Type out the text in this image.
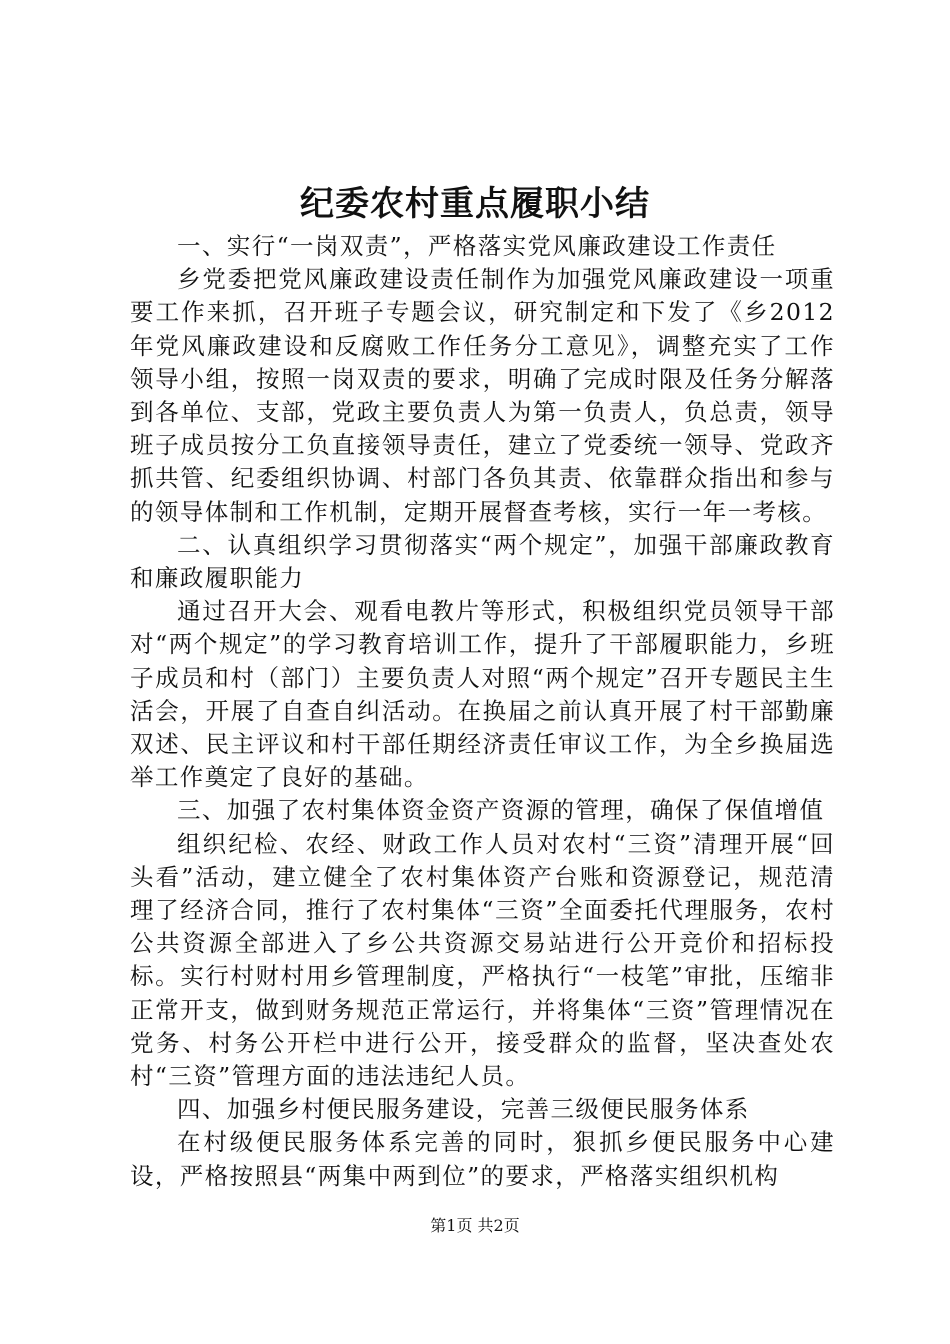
纪委农村重点履职小结

一、实行“一岗双责”，严格落实党风廉政建设工作责任

乡党委把党风廉政建设责任制作为加强党风廉政建设一项重要工作来抓，召开班子专题会议，研究制定和下发了《乡2012年党风廉政建设和反腐败工作任务分工意见》，调整充实了工作领导小组，按照一岗双责的要求，明确了完成时限及任务分解落到各单位、支部，党政主要负责人为第一负责人，负总责，领导班子成员按分工负直接领导责任，建立了党委统一领导、党政齐抓共管、纪委组织协调、村部门各负其责、依靠群众指出和参与的领导体制和工作机制，定期开展督查考核，实行一年一考核。

二、认真组织学习贯彻落实“两个规定”，加强干部廉政教育和廉政履职能力

通过召开大会、观看电教片等形式，积极组织党员领导干部对“两个规定”的学习教育培训工作，提升了干部履职能力，乡班子成员和村（部门）主要负责人对照“两个规定”召开专题民主生活会，开展了自查自纠活动。在换届之前认真开展了村干部勤廉双述、民主评议和村干部任期经济责任审议工作，为全乡换届选举工作奠定了良好的基础。

三、加强了农村集体资金资产资源的管理，确保了保值增值

组织纪检、农经、财政工作人员对农村“三资”清理开展“回头看”活动，建立健全了农村集体资产台账和资源登记，规范清理了经济合同，推行了农村集体“三资”全面委托代理服务，农村公共资源全部进入了乡公共资源交易站进行公开竞价和招标投标。实行村财村用乡管理制度，严格执行“一枝笔”审批，压缩非正常开支，做到财务规范正常运行，并将集体“三资”管理情况在党务、村务公开栏中进行公开，接受群众的监督，坚决查处农村“三资”管理方面的违法违纪人员。

四、加强乡村便民服务建设，完善三级便民服务体系

在村级便民服务体系完善的同时，狠抓乡便民服务中心建设，严格按照县“两集中两到位”的要求，严格落实组织机构

第1页 共2页
